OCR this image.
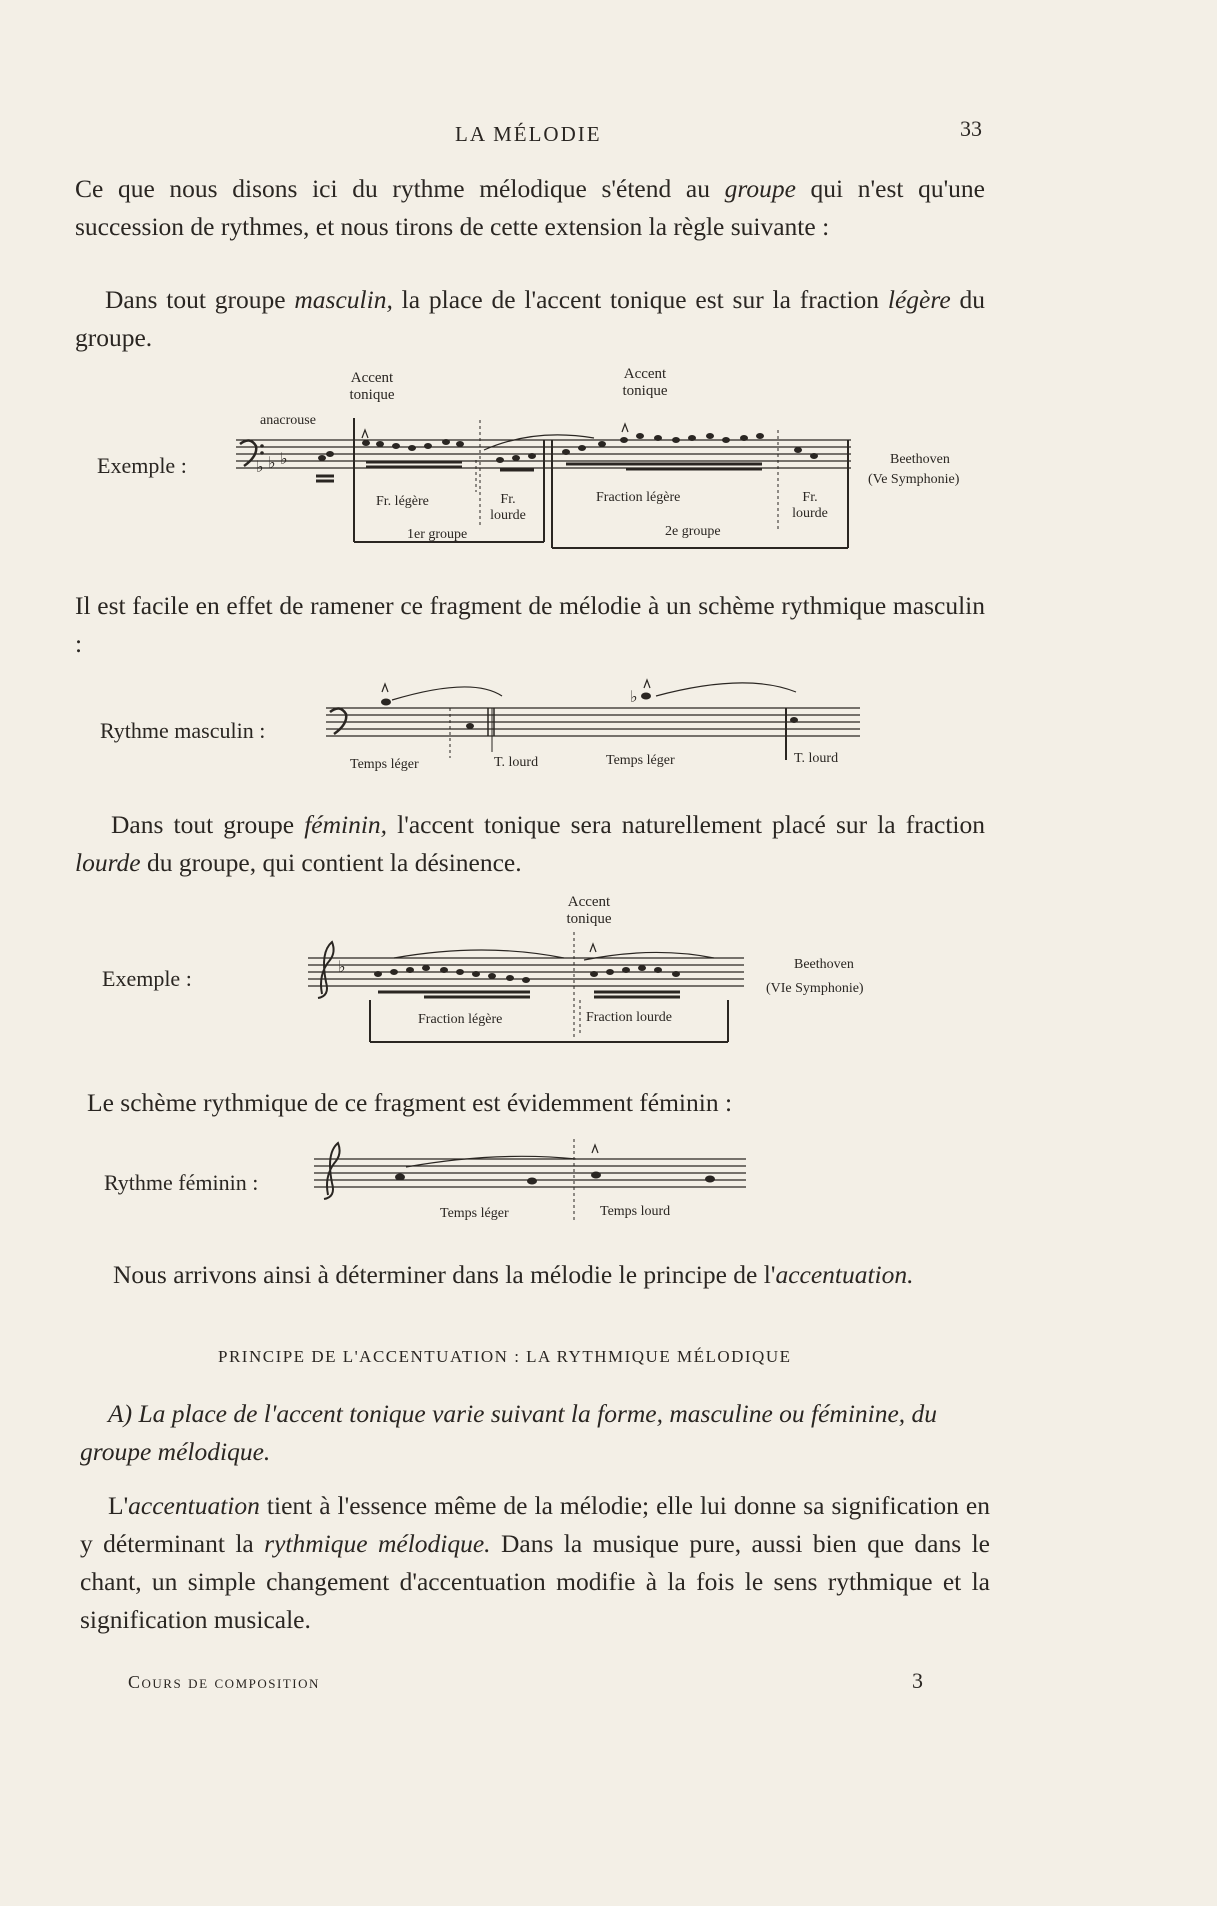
LA MÉLODIE	33
Ce que nous disons ici du rythme mélodique s'étend au groupe qui n'est qu'une succession de rythmes, et nous tirons de cette extension la règle suivante :
Dans tout groupe masculin, la place de l'accent tonique est sur la fraction légère du groupe.
Exemple :
Accent tonique
Accent tonique
anacrouse
Fr. légère	Fr. lourde
Fraction légère	Fr. lourde
1er groupe	2e groupe
Beethoven
(Ve Symphonie)
♭ ♭ ♭
Il est facile en effet de ramener ce fragment de mélodie à un schème rythmique masculin :
Rythme masculin :
Temps léger	T. lourd	Temps léger	T. lourd
♭
Dans tout groupe féminin, l'accent tonique sera naturellement placé sur la fraction lourde du groupe, qui contient la désinence.
Exemple :
Accent tonique
Fraction légère	Fraction lourde
Beethoven
(VIe Symphonie)
♭
Le schème rythmique de ce fragment est évidemment féminin :
Rythme féminin :
Temps léger	Temps lourd
Nous arrivons ainsi à déterminer dans la mélodie le principe de l'accentuation.
PRINCIPE DE L'ACCENTUATION : LA RYTHMIQUE MÉLODIQUE
A) La place de l'accent tonique varie suivant la forme, masculine ou féminine, du groupe mélodique.
L'accentuation tient à l'essence même de la mélodie; elle lui donne sa signification en y déterminant la rythmique mélodique. Dans la musique pure, aussi bien que dans le chant, un simple changement d'accentuation modifie à la fois le sens rythmique et la signification musicale.
Cours de composition	3
